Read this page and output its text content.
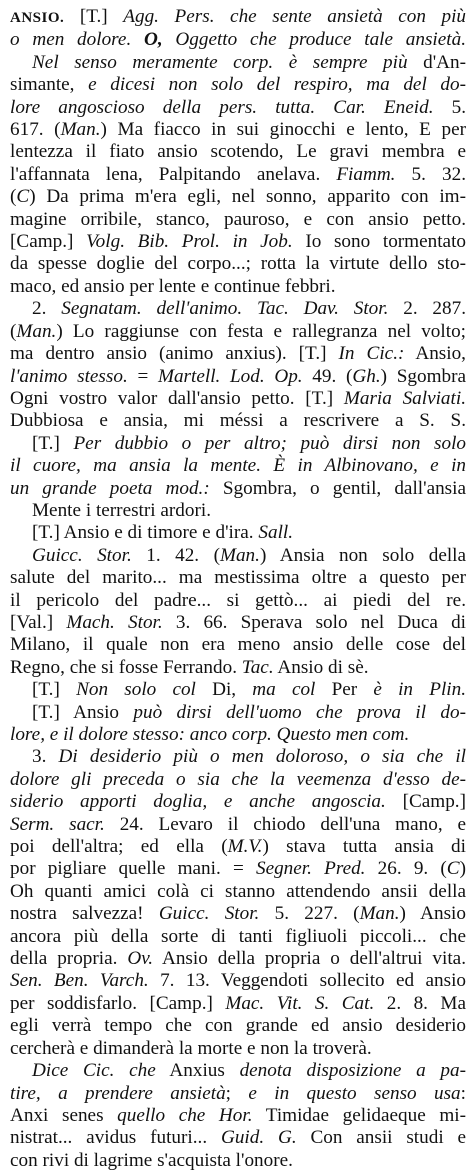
ANSIO. [T.] Agg. Pers. che sente ansietà con più
o men dolore. O, Oggetto che produce tale ansietà.
Nel senso meramente corp. è sempre più d'An-
simante, e dicesi non solo del respiro, ma del do-
lore angoscioso della pers. tutta. Car. Eneid. 5.
617. (Man.) Ma fiacco in sui ginocchi e lento, E per
lentezza il fiato ansio scotendo, Le gravi membra e
l'affannata lena, Palpitando anelava. Fiamm. 5. 32.
(C) Da prima m'era egli, nel sonno, apparito con im-
magine orribile, stanco, pauroso, e con ansio petto.
[Camp.] Volg. Bib. Prol. in Job. Io sono tormentato
da spesse doglie del corpo...; rotta la virtute dello sto-
maco, ed ansio per lente e continue febbri.
2. Segnatam. dell'animo. Tac. Dav. Stor. 2. 287.
(Man.) Lo raggiunse con festa e rallegranza nel volto;
ma dentro ansio (animo anxius). [T.] In Cic.: Ansio,
l'animo stesso. = Martell. Lod. Op. 49. (Gh.) Sgombra
Ogni vostro valor dall'ansio petto. [T.] Maria Salviati.
Dubbiosa e ansia, mi méssi a rescrivere a S. S.
[T.] Per dubbio o per altro; può dirsi non solo
il cuore, ma ansia la mente. È in Albinovano, e in
un grande poeta mod.: Sgombra, o gentil, dall'ansia
Mente i terrestri ardori.
[T.] Ansio e di timore e d'ira. Sall.
Guicc. Stor. 1. 42. (Man.) Ansia non solo della
salute del marito... ma mestissima oltre a questo per
il pericolo del padre... si gettò... ai piedi del re.
[Val.] Mach. Stor. 3. 66. Sperava solo nel Duca di
Milano, il quale non era meno ansio delle cose del
Regno, che si fosse Ferrando. Tac. Ansio di sè.
[T.] Non solo col Di, ma col Per è in Plin.
[T.] Ansio può dirsi dell'uomo che prova il do-
lore, e il dolore stesso: anco corp. Questo men com.
3. Di desiderio più o men doloroso, o sia che il
dolore gli preceda o sia che la veemenza d'esso de-
siderio apporti doglia, e anche angoscia. [Camp.]
Serm. sacr. 24. Levaro il chiodo dell'una mano, e
poi dell'altra; ed ella (M.V.) stava tutta ansia di
por pigliare quelle mani. = Segner. Pred. 26. 9. (C)
Oh quanti amici colà ci stanno attendendo ansii della
nostra salvezza! Guicc. Stor. 5. 227. (Man.) Ansio
ancora più della sorte di tanti figliuoli piccoli... che
della propria. Ov. Ansio della propria o dell'altrui vita.
Sen. Ben. Varch. 7. 13. Veggendoti sollecito ed ansio
per soddisfarlo. [Camp.] Mac. Vit. S. Cat. 2. 8. Ma
egli verrà tempo che con grande ed ansio desiderio
cercherà e dimanderà la morte e non la troverà.
Dice Cic. che Anxius denota disposizione a pa-
tire, a prendere ansietà; e in questo senso usa:
Anxi senes quello che Hor. Timidae gelidaeque mi-
nistrat... avidus futuri... Guid. G. Con ansii studi e
con rivi di lagrime s'acquista l'onore.
